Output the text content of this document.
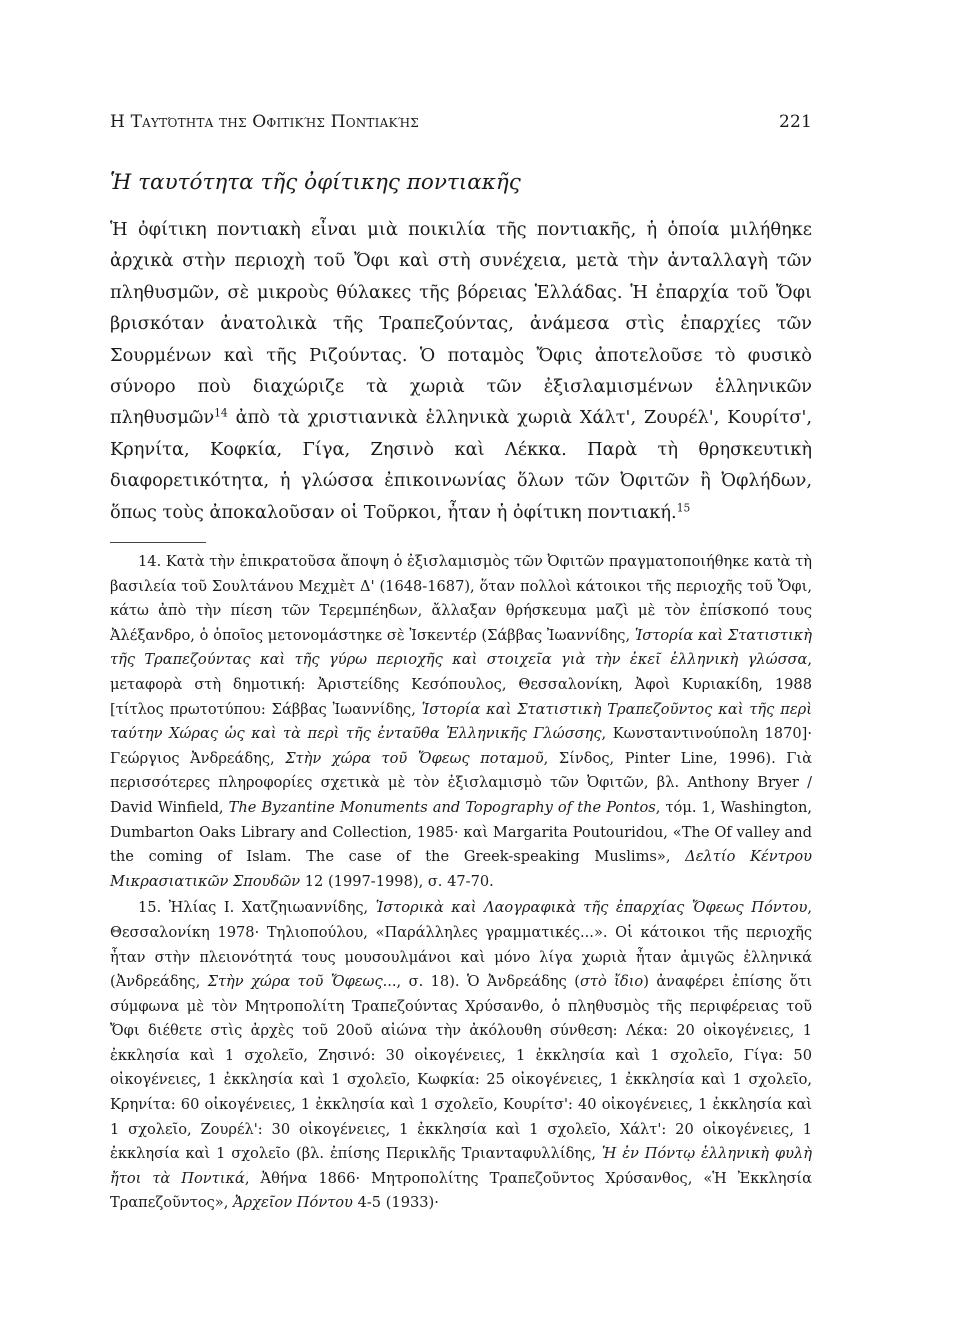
Η Ταυτότητα της Οφιτικής Ποντιακής	221
Ἡ ταυτότητα τῆς ὀφίτικης ποντιακῆς

Ἡ ὀφίτικη ποντιακὴ εἶναι μιὰ ποικιλία τῆς ποντιακῆς, ἡ ὁποία μιλήθηκε ἀρχικὰ στὴν περιοχὴ τοῦ Ὄφι καὶ στὴ συνέχεια, μετὰ τὴν ἀνταλλαγὴ τῶν πληθυσμῶν, σὲ μικροὺς θύλακες τῆς βόρειας Ἑλλάδας. Ἡ ἐπαρχία τοῦ Ὄφι βρισκόταν ἀνατολικὰ τῆς Τραπεζούντας, ἀνάμεσα στὶς ἐπαρχίες τῶν Σουρμένων καὶ τῆς Ριζούντας. Ὁ ποταμὸς Ὄφις ἀποτελοῦσε τὸ φυσικὸ σύνορο ποὺ διαχώριζε τὰ χωριὰ τῶν ἐξισλαμισμένων ἑλληνικῶν πληθυσμῶν$^{14}$ ἀπὸ τὰ χριστιανικὰ ἑλληνικὰ χωριὰ Χάλτ', Ζουρέλ', Κουρίτσ', Κρηνίτα, Κοφκία, Γίγα, Ζησινὸ καὶ Λέκκα. Παρὰ τὴ θρησκευτικὴ διαφορετικότητα, ἡ γλώσσα ἐπικοινωνίας ὅλων τῶν Ὀφιτῶν ἢ Ὀφλήδων, ὅπως τοὺς ἀποκαλοῦσαν οἱ Τοῦρκοι, ἦταν ἡ ὀφίτικη ποντιακή.$^{15}$

14. Κατὰ τὴν ἐπικρατοῦσα ἄποψη ὁ ἐξισλαμισμὸς τῶν Ὀφιτῶν πραγματοποιήθηκε κατὰ τὴ βασιλεία τοῦ Σουλτάνου Μεχμὲτ Δ' (1648-1687), ὅταν πολλοὶ κάτοικοι τῆς περιοχῆς τοῦ Ὄφι, κάτω ἀπὸ τὴν πίεση τῶν Τερεμπέηδων, ἄλλαξαν θρήσκευμα μαζὶ μὲ τὸν ἐπίσκοπό τους Ἀλέξανδρο, ὁ ὁποῖος μετονομάστηκε σὲ Ἰσκεντέρ (Σάββας Ἰωαννίδης, Ἱστορία καὶ Στατιστικὴ τῆς Τραπεζούντας καὶ τῆς γύρω περιοχῆς καὶ στοιχεῖα γιὰ τὴν ἐκεῖ ἑλληνικὴ γλώσσα, μεταφορὰ στὴ δημοτική: Ἀριστείδης Κεσόπουλος, Θεσσαλονίκη, Ἀφοὶ Κυριακίδη, 1988 [τίτλος πρωτοτύπου: Σάββας Ἰωαννίδης, Ἱστορία καὶ Στατιστικὴ Τραπεζοῦντος καὶ τῆς περὶ ταύτην Χώρας ὡς καὶ τὰ περὶ τῆς ἐνταῦθα Ἑλληνικῆς Γλώσσης, Κωνσταντινούπολη 1870]· Γεώργιος Ἀνδρεάδης, Στὴν χώρα τοῦ Ὄφεως ποταμοῦ, Σίνδος, Pinter Line, 1996). Γιὰ περισσότερες πληροφορίες σχετικὰ μὲ τὸν ἐξισλαμισμὸ τῶν Ὀφιτῶν, βλ. Anthony Bryer / David Winfield, The Byzantine Monuments and Topography of the Pontos, τόμ. 1, Washington, Dumbarton Oaks Library and Collection, 1985· καὶ Margarita Poutouridou, «The Of valley and the coming of Islam. The case of the Greek-speaking Muslims», Δελτίο Κέντρου Μικρασιατικῶν Σπουδῶν 12 (1997-1998), σ. 47-70.

15. Ἠλίας Ι. Χατζηιωαννίδης, Ἱστορικὰ καὶ Λαογραφικὰ τῆς ἐπαρχίας Ὄφεως Πόντου, Θεσσαλονίκη 1978· Τηλιοπούλου, «Παράλληλες γραμματικές...». Οἱ κάτοικοι τῆς περιοχῆς ἦταν στὴν πλειονότητά τους μουσουλμάνοι καὶ μόνο λίγα χωριὰ ἦταν ἀμιγῶς ἑλληνικά (Ἀνδρεάδης, Στὴν χώρα τοῦ Ὄφεως..., σ. 18). Ὁ Ἀνδρεάδης (στὸ ἴδιο) ἀναφέρει ἐπίσης ὅτι σύμφωνα μὲ τὸν Μητροπολίτη Τραπεζούντας Χρύσανθο, ὁ πληθυσμὸς τῆς περιφέρειας τοῦ Ὄφι διέθετε στὶς ἀρχὲς τοῦ 20οῦ αἰώνα τὴν ἀκόλουθη σύνθεση: Λέκα: 20 οἰκογένειες, 1 ἐκκλησία καὶ 1 σχολεῖο, Ζησινό: 30 οἰκογένειες, 1 ἐκκλησία καὶ 1 σχολεῖο, Γίγα: 50 οἰκογένειες, 1 ἐκκλησία καὶ 1 σχολεῖο, Κωφκία: 25 οἰκογένειες, 1 ἐκκλησία καὶ 1 σχολεῖο, Κρηνίτα: 60 οἰκογένειες, 1 ἐκκλησία καὶ 1 σχολεῖο, Κουρίτσ': 40 οἰκογένειες, 1 ἐκκλησία καὶ 1 σχολεῖο, Ζουρέλ': 30 οἰκογένειες, 1 ἐκκλησία καὶ 1 σχολεῖο, Χάλτ': 20 οἰκογένειες, 1 ἐκκλησία καὶ 1 σχολεῖο (βλ. ἐπίσης Περικλῆς Τριανταφυλλίδης, Ἡ ἐν Πόντῳ ἑλληνικὴ φυλὴ ἤτοι τὰ Ποντικά, Ἀθήνα 1866· Μητροπολίτης Τραπεζοῦντος Χρύσανθος, «Ἡ Ἐκκλησία Τραπεζοῦντος», Ἀρχεῖον Πόντου 4-5 (1933)·
